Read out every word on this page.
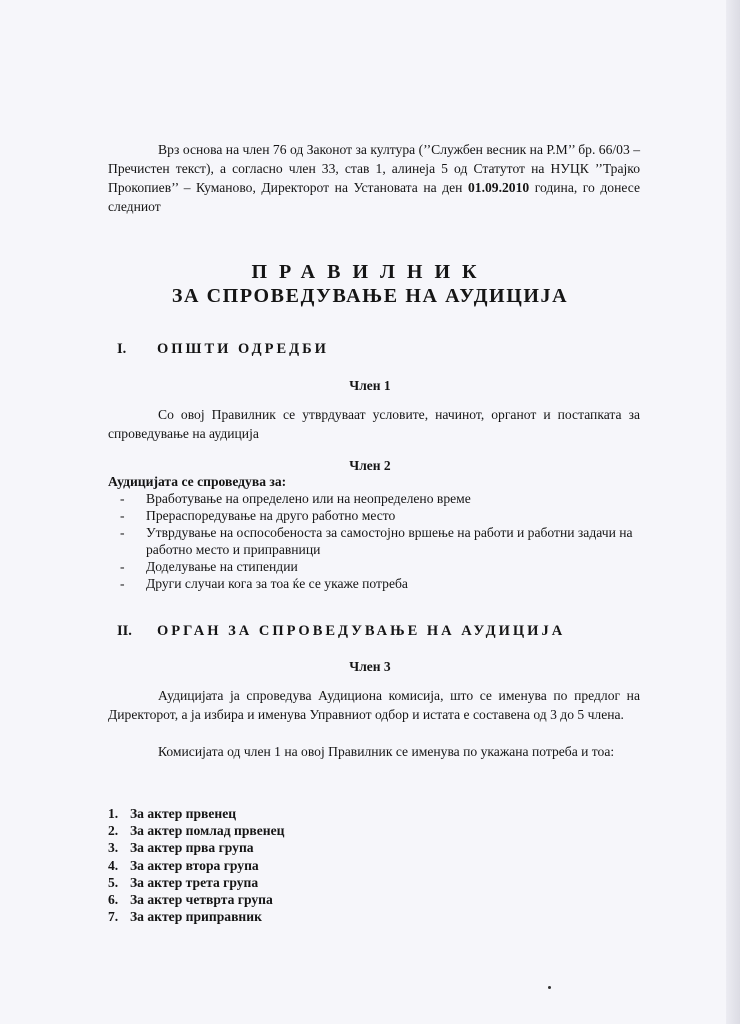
Врз основа на член 76 од Законот за култура (’’Службен весник на Р.М’’ бр. 66/03 – Пречистен текст), а согласно член 33, став 1, алинеја 5 од Статутот на НУЦК ’’Трајко Прокопиев’’ – Куманово, Директорот на Установата на ден 01.09.2010 година, го донесе следниот

ПРАВИЛНИК
ЗА СПРОВЕДУВАЊЕ НА АУДИЦИЈА
I. ОПШТИ ОДРЕДБИ
Член 1

Со овој Правилник се утврдуваат условите, начинот, органот и постапката за спроведување на аудиција

Член 2
Аудицијата се спроведува за:
- Вработување на определено или на неопределено време
- Прераспоредување на друго работно место
- Утврдување на оспособеноста за самостојно вршење на работи и работни задачи на работно место и приправници
- Доделување на стипендии
- Други случаи кога за тоа ќе се укаже потреба
II. ОРГАН ЗА СПРОВЕДУВАЊЕ НА АУДИЦИЈА
Член 3

Аудицијата ја спроведува Аудициона комисија, што се именува по предлог на Директорот, а ја избира и именува Управниот одбор и истата е составена од 3 до 5 члена.

Комисијата од член 1 на овој Правилник се именува по укажана потреба и тоа:

1. За актер првенец
2. За актер помлад првенец
3. За актер прва група
4. За актер втора група
5. За актер трета група
6. За актер четврта група
7. За актер приправник
